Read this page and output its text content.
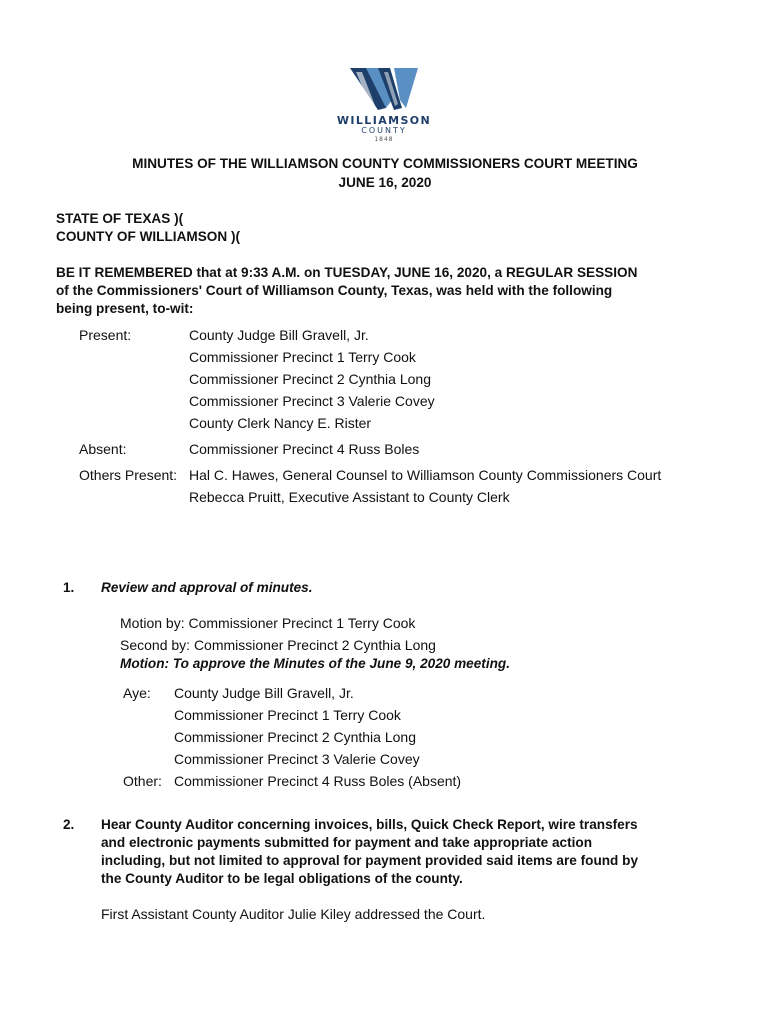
WILLIAMSON
COUNTY
1848
MINUTES OF THE WILLIAMSON COUNTY COMMISSIONERS COURT MEETING
JUNE 16, 2020
STATE OF TEXAS )(
COUNTY OF WILLIAMSON )(
BE IT REMEMBERED that at 9:33 A.M. on TUESDAY, JUNE 16, 2020, a REGULAR SESSION
of the Commissioners' Court of Williamson County, Texas, was held with the following
being present, to-wit:
Present:	County Judge Bill Gravell, Jr.
Commissioner Precinct 1 Terry Cook
Commissioner Precinct 2 Cynthia Long
Commissioner Precinct 3 Valerie Covey
County Clerk Nancy E. Rister
Absent:	Commissioner Precinct 4 Russ Boles
Others Present: Hal C. Hawes, General Counsel to Williamson County Commissioners Court
Rebecca Pruitt, Executive Assistant to County Clerk
1. Review and approval of minutes.
Motion by: Commissioner Precinct 1 Terry Cook
Second by: Commissioner Precinct 2 Cynthia Long
Motion: To approve the Minutes of the June 9, 2020 meeting.
Aye: County Judge Bill Gravell, Jr.
Commissioner Precinct 1 Terry Cook
Commissioner Precinct 2 Cynthia Long
Commissioner Precinct 3 Valerie Covey
Other: Commissioner Precinct 4 Russ Boles (Absent)
2. Hear County Auditor concerning invoices, bills, Quick Check Report, wire transfers
and electronic payments submitted for payment and take appropriate action
including, but not limited to approval for payment provided said items are found by
the County Auditor to be legal obligations of the county.
First Assistant County Auditor Julie Kiley addressed the Court.
